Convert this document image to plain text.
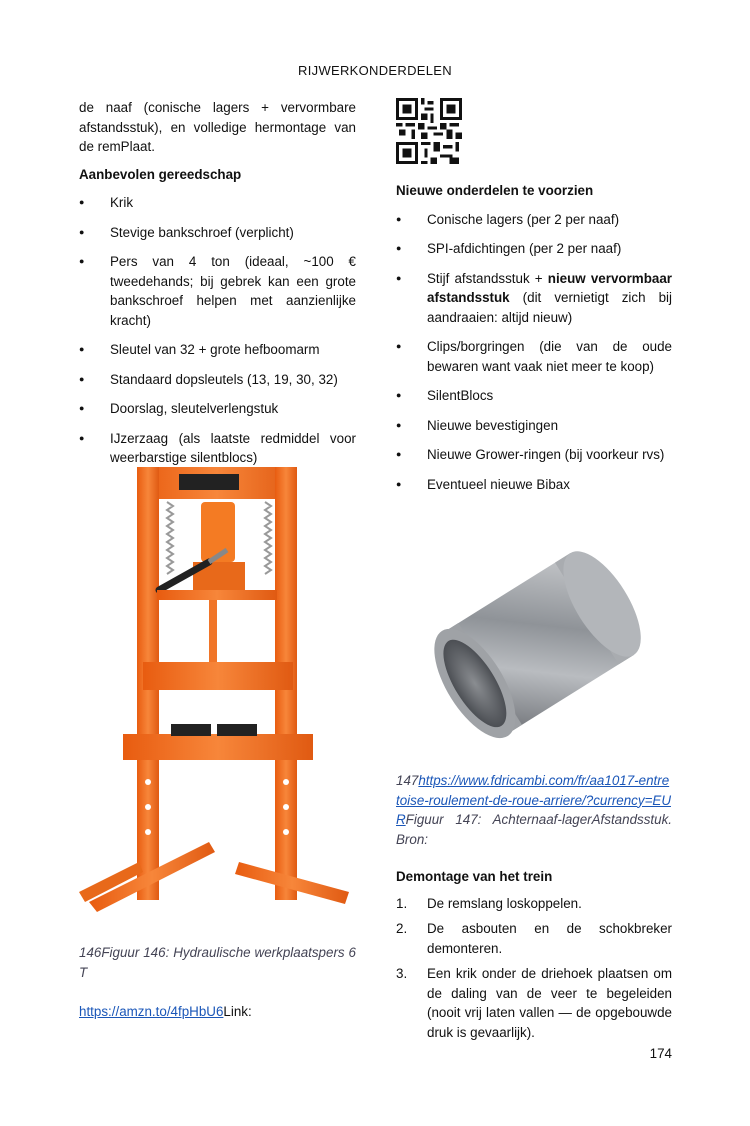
RIJWERKONDERDELEN

de naaf (conische lagers + vervormbare afstandsstuk), en volledige hermontage van de remPlaat.

Aanbevolen gereedschap

● Krik
● Stevige bankschroef (verplicht)
● Pers van 4 ton (ideaal, ~100 € tweedehands; bij gebrek kan een grote bankschroef helpen met aanzienlijke kracht)
● Sleutel van 32 + grote hefboomarm
● Standaard dopsleutels (13, 19, 30, 32)
● Doorslag, sleutelverlengstuk
● IJzerzaag (als laatste redmiddel voor weerbarstige silentblocs)

146Figuur 146: Hydraulische werkplaatspers 6 T

https://amzn.to/4fpHbU6Link:

Nieuwe onderdelen te voorzien

● Conische lagers (per 2 per naaf)
● SPI-afdichtingen (per 2 per naaf)
● Stijf afstandsstuk + nieuw vervormbaar afstandsstuk (dit vernietigt zich bij aandraaien: altijd nieuw)
● Clips/borgringen (die van de oude bewaren want vaak niet meer te koop)
● SilentBlocs
● Nieuwe bevestigingen
● Nieuwe Grower-ringen (bij voorkeur rvs)
● Eventueel nieuwe Bibax

147https://www.fdricambi.com/fr/aa1017-entretoise-roulement-de-roue-arriere/?currency=EURFiguur 147: Achternaaf-lagerAfstandsstuk. Bron:

Demontage van het trein

1. De remslang loskoppelen.
2. De asbouten en de schokbreker demonteren.
3. Een krik onder de driehoek plaatsen om de daling van de veer te begeleiden (nooit vrij laten vallen — de opgebouwde druk is gevaarlijk).
174
